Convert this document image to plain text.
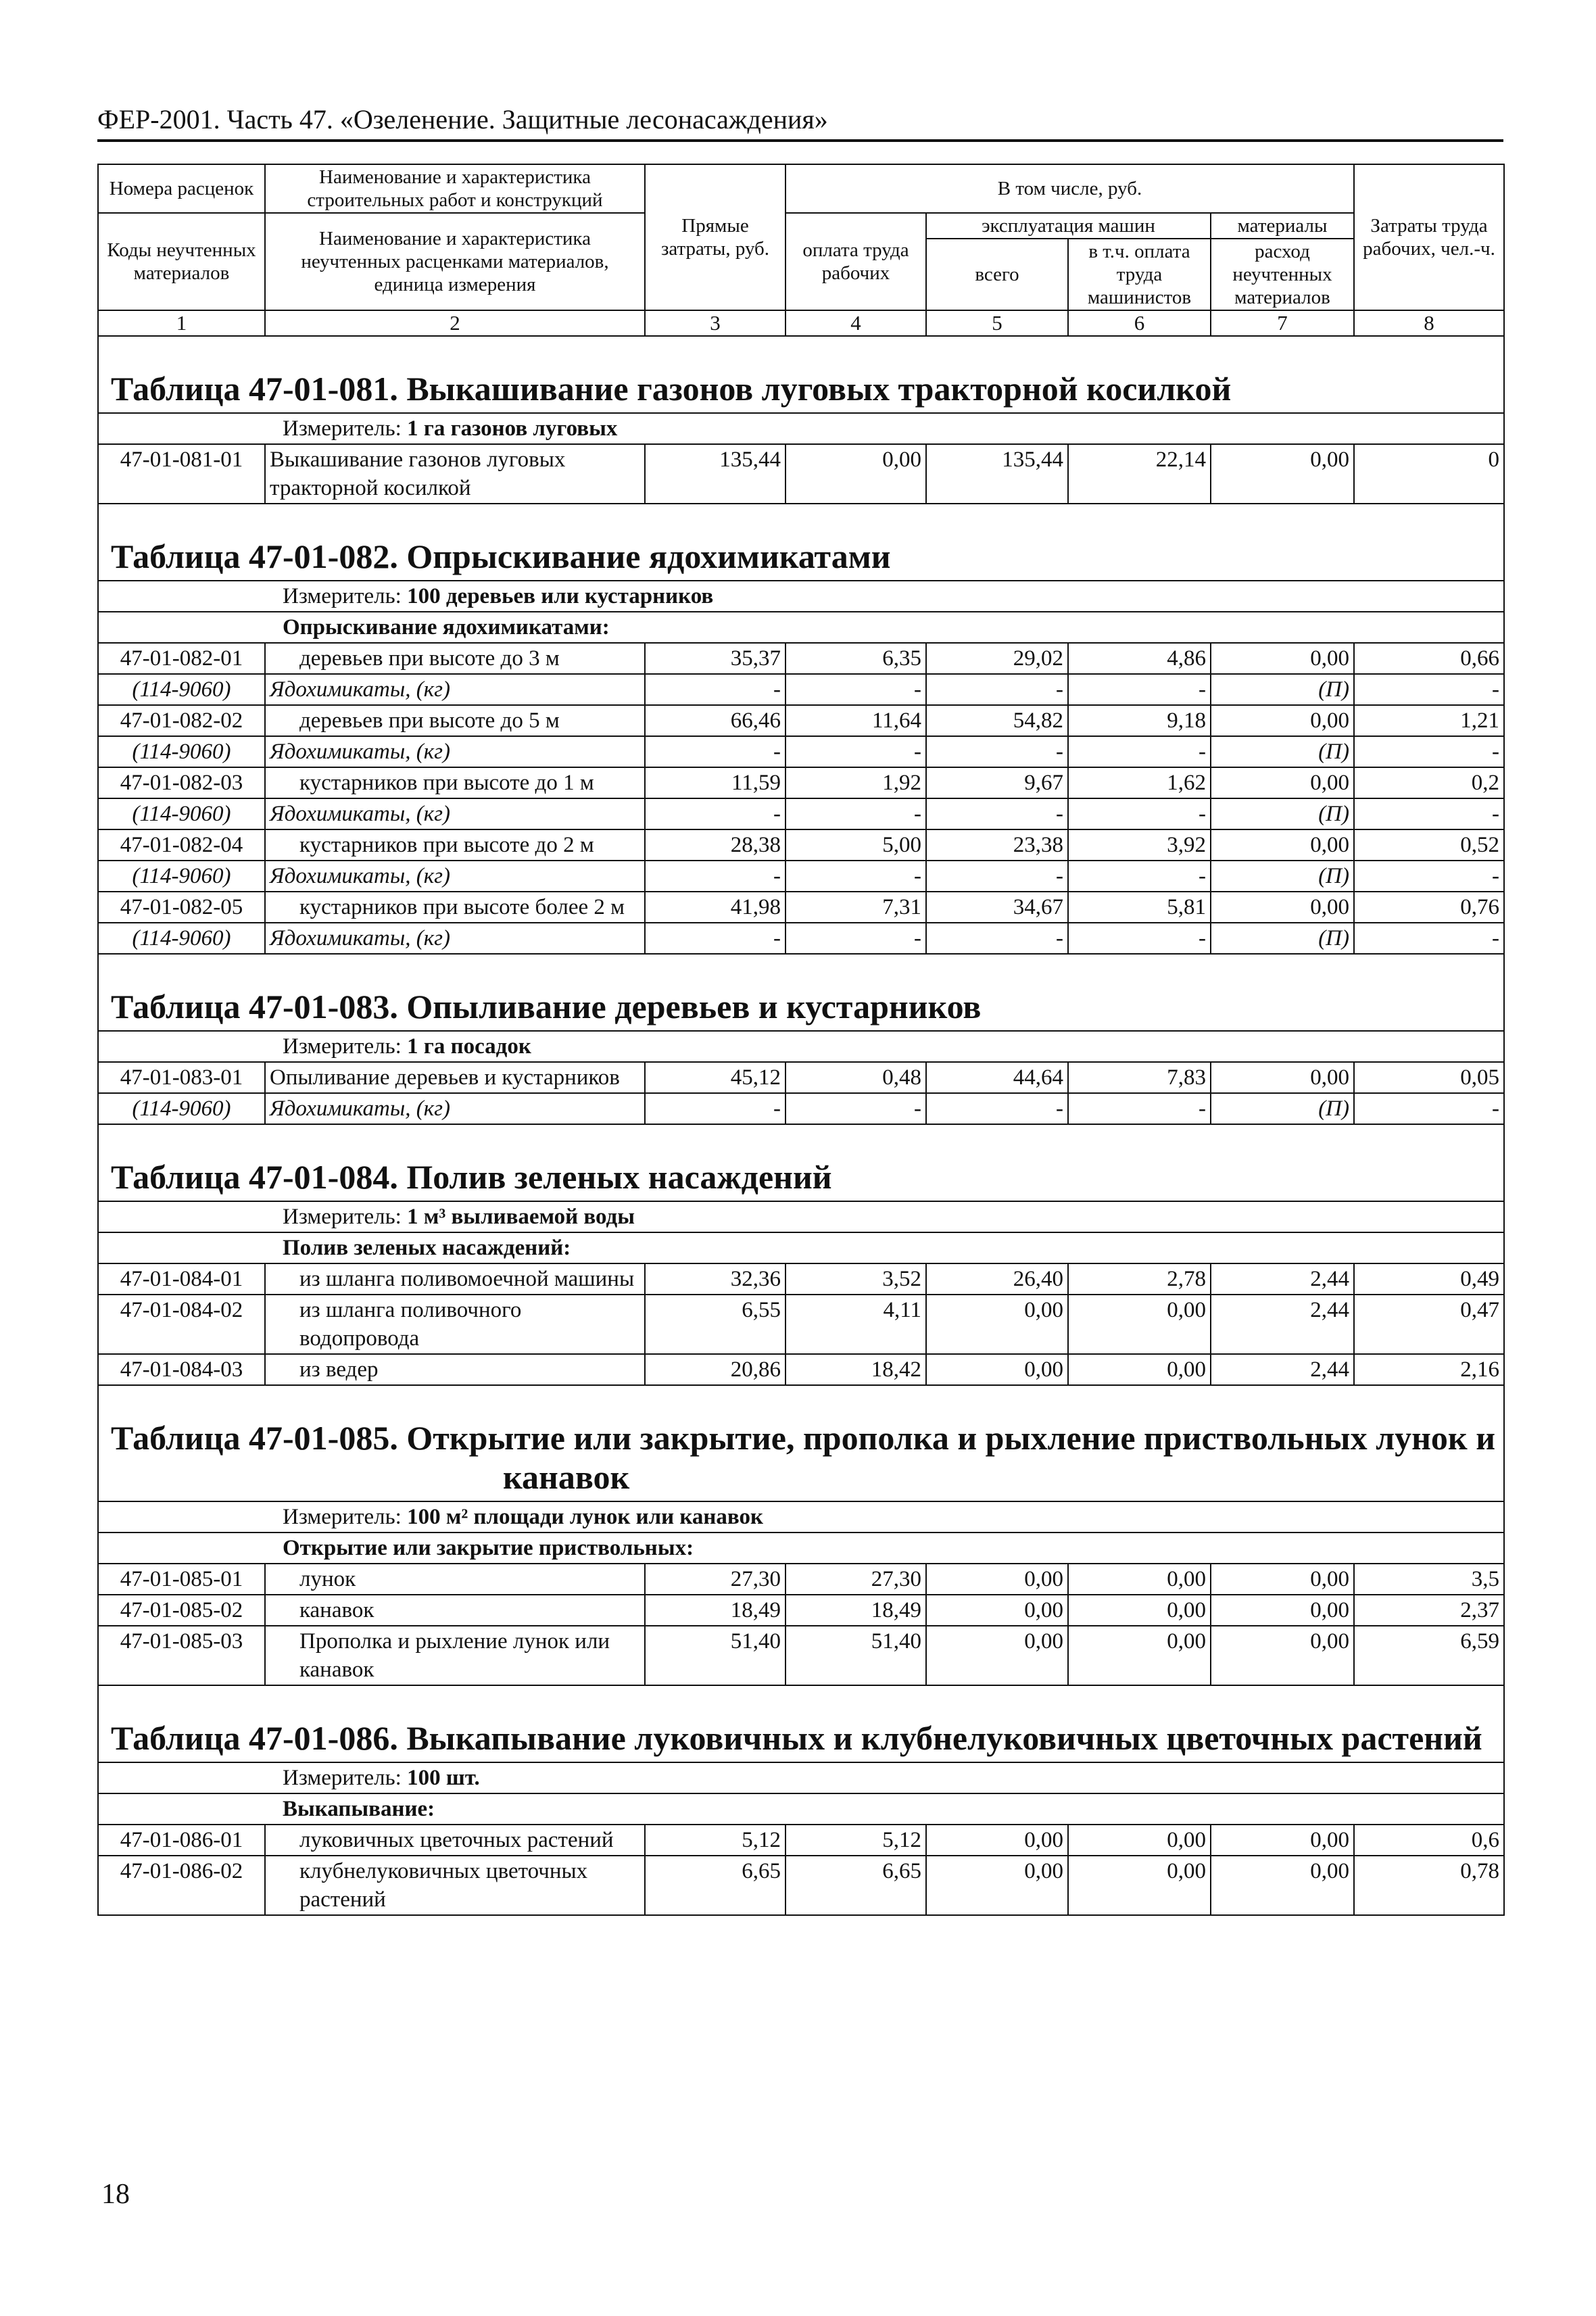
ФЕР-2001. Часть 47. «Озеленение. Защитные лесонасаждения»
Номера расценок	Наименование и характеристика строительных работ и конструкций	Прямые затраты, руб.	В том числе, руб.				Затраты труда рабочих, чел.-ч.
Коды неучтенных материалов	Наименование и характеристика неучтенных расценками материалов, единица измерения		оплата труда рабочих	эксплуатация машин		материалы	
				всего	в т.ч. оплата труда машинистов	расход неучтенных материалов	
1	2	3	4	5	6	7	8

Таблица 47-01-081. Выкашивание газонов луговых тракторной косилкой							

Измеритель: 1 га газонов луговых							
47-01-081-01	Выкашивание газонов луговых тракторной косилкой	135,44	0,00	135,44	22,14	0,00	0

Таблица 47-01-082. Опрыскивание ядохимикатами							

Измеритель: 100 деревьев или кустарников							
Опрыскивание ядохимикатами:							
47-01-082-01	деревьев при высоте до 3 м	35,37	6,35	29,02	4,86	0,00	0,66
(114-9060)	Ядохимикаты, (кг)	-	-	-	-	(П)	-
47-01-082-02	деревьев при высоте до 5 м	66,46	11,64	54,82	9,18	0,00	1,21
(114-9060)	Ядохимикаты, (кг)	-	-	-	-	(П)	-
47-01-082-03	кустарников при высоте до 1 м	11,59	1,92	9,67	1,62	0,00	0,2
(114-9060)	Ядохимикаты, (кг)	-	-	-	-	(П)	-
47-01-082-04	кустарников при высоте до 2 м	28,38	5,00	23,38	3,92	0,00	0,52
(114-9060)	Ядохимикаты, (кг)	-	-	-	-	(П)	-
47-01-082-05	кустарников при высоте более 2 м	41,98	7,31	34,67	5,81	0,00	0,76
(114-9060)	Ядохимикаты, (кг)	-	-	-	-	(П)	-

Таблица 47-01-083. Опыливание деревьев и кустарников							

Измеритель: 1 га посадок							
47-01-083-01	Опыливание деревьев и кустарников	45,12	0,48	44,64	7,83	0,00	0,05
(114-9060)	Ядохимикаты, (кг)	-	-	-	-	(П)	-

Таблица 47-01-084. Полив зеленых насаждений							

Измеритель: 1 м³ выливаемой воды							
Полив зеленых насаждений:							
47-01-084-01	из шланга поливомоечной машины	32,36	3,52	26,40	2,78	2,44	0,49
47-01-084-02	из шланга поливочного водопровода	6,55	4,11	0,00	0,00	2,44	0,47
47-01-084-03	из ведер	20,86	18,42	0,00	0,00	2,44	2,16

Таблица 47-01-085. Открытие или закрытие, прополка и рыхление приствольных лунок и канавок							

Измеритель: 100 м² площади лунок или канавок							
Открытие или закрытие приствольных:							
47-01-085-01	лунок	27,30	27,30	0,00	0,00	0,00	3,5
47-01-085-02	канавок	18,49	18,49	0,00	0,00	0,00	2,37
47-01-085-03	Прополка и рыхление лунок или канавок	51,40	51,40	0,00	0,00	0,00	6,59

Таблица 47-01-086. Выкапывание луковичных и клубнелуковичных цветочных растений							

Измеритель: 100 шт.							
Выкапывание:							
47-01-086-01	луковичных цветочных растений	5,12	5,12	0,00	0,00	0,00	0,6
47-01-086-02	клубнелуковичных цветочных растений	6,65	6,65	0,00	0,00	0,00	0,78
18
